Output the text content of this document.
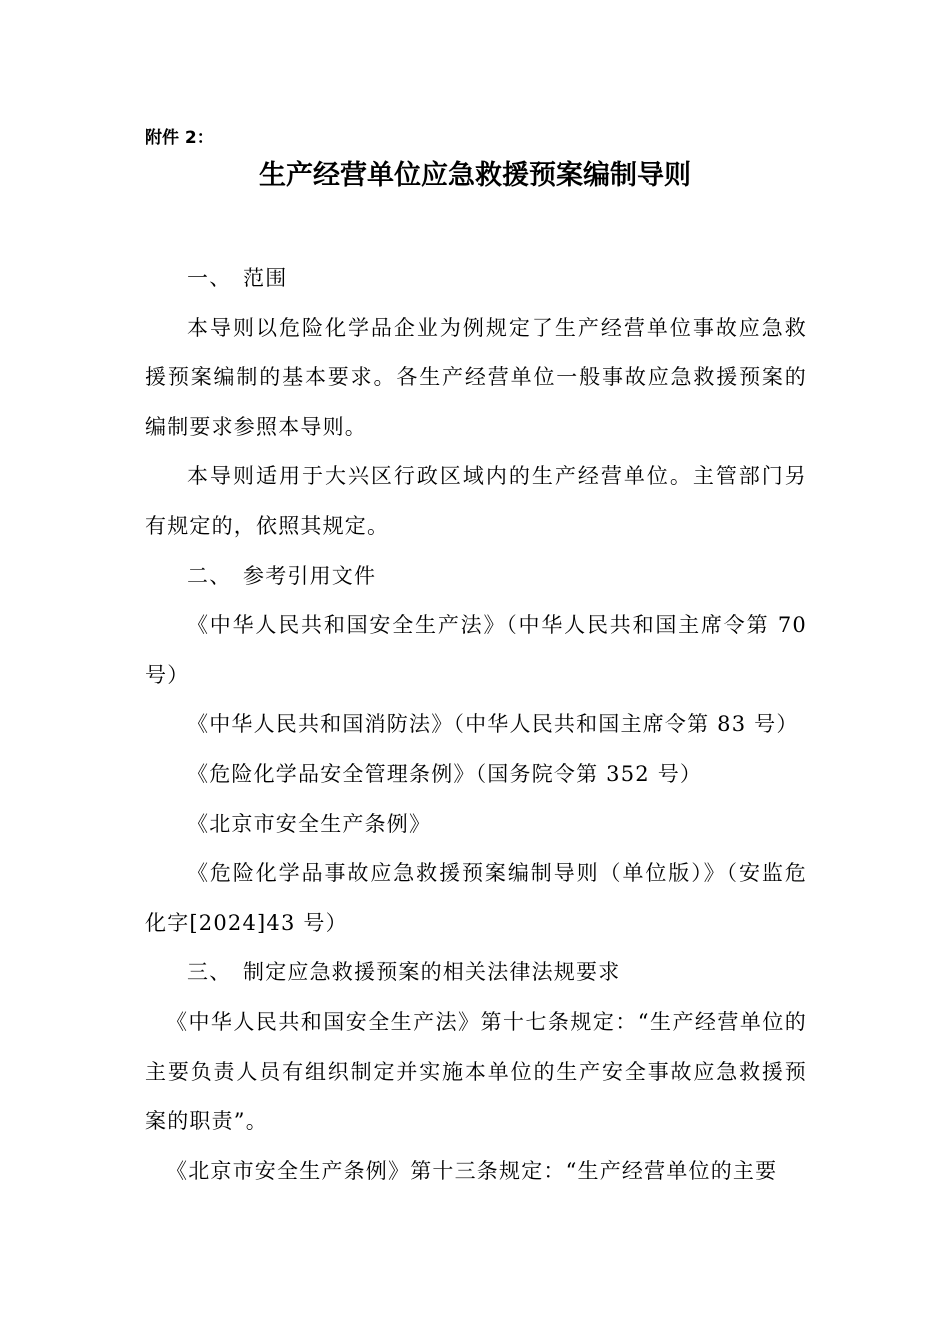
附件 2：
生产经营单位应急救援预案编制导则

一、 范围

本导则以危险化学品企业为例规定了生产经营单位事故应急救援预案编制的基本要求。各生产经营单位一般事故应急救援预案的编制要求参照本导则。

本导则适用于大兴区行政区域内的生产经营单位。主管部门另有规定的，依照其规定。

二、 参考引用文件

《中华人民共和国安全生产法》（中华人民共和国主席令第 70 号）

《中华人民共和国消防法》（中华人民共和国主席令第 83 号）

《危险化学品安全管理条例》（国务院令第 352 号）

《北京市安全生产条例》

《危险化学品事故应急救援预案编制导则（单位版）》（安监危化字[2024]43 号）

三、 制定应急救援预案的相关法律法规要求

《中华人民共和国安全生产法》第十七条规定：“生产经营单位的主要负责人员有组织制定并实施本单位的生产安全事故应急救援预案的职责”。

《北京市安全生产条例》第十三条规定：“生产经营单位的主要
